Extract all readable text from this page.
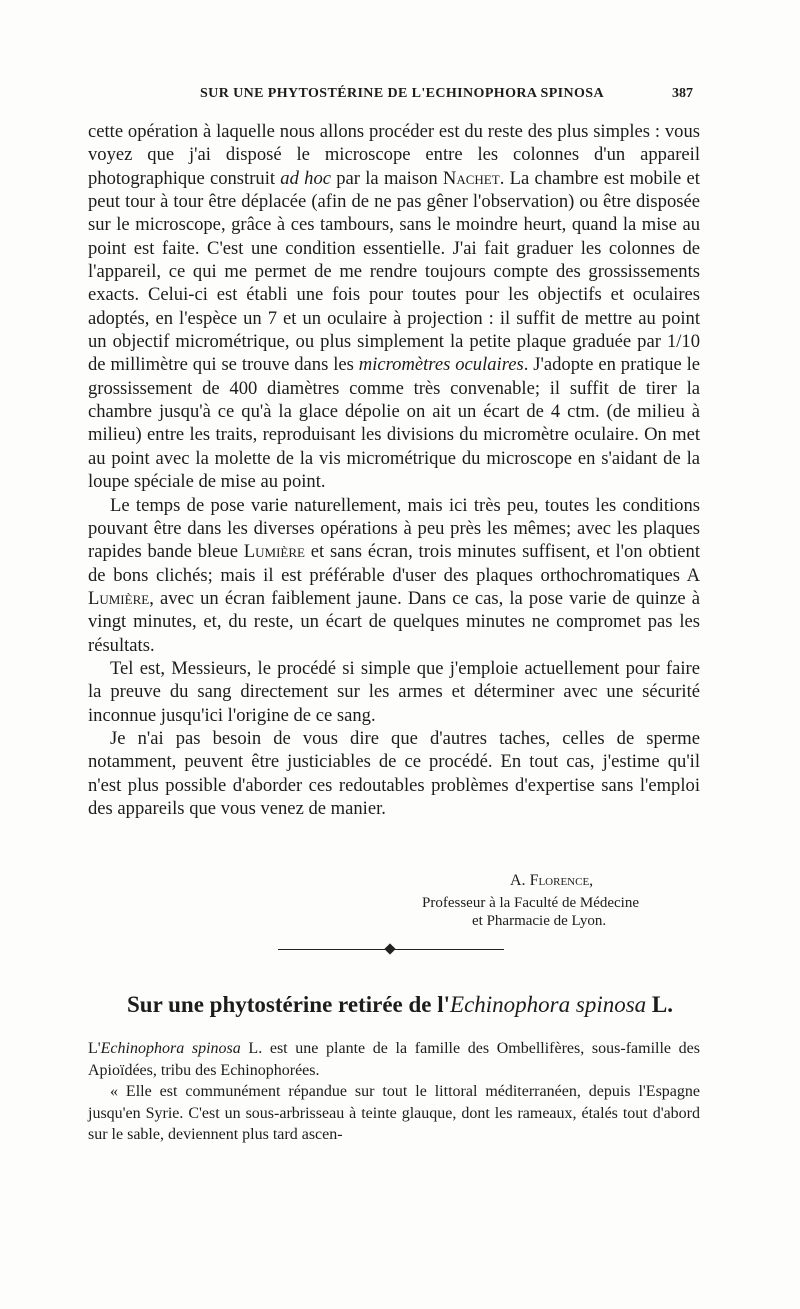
SUR UNE PHYTOSTÉRINE DE L'ECHINOPHORA SPINOSA	387

cette opération à laquelle nous allons procéder est du reste des plus simples : vous voyez que j'ai disposé le microscope entre les colonnes d'un appareil photographique construit ad hoc par la maison Nachet. La chambre est mobile et peut tour à tour être déplacée (afin de ne pas gêner l'observation) ou être disposée sur le microscope, grâce à ces tambours, sans le moindre heurt, quand la mise au point est faite. C'est une condition essentielle. J'ai fait graduer les colonnes de l'appareil, ce qui me permet de me rendre toujours compte des grossissements exacts. Celui-ci est établi une fois pour toutes pour les objectifs et oculaires adoptés, en l'espèce un 7 et un oculaire à projection : il suffit de mettre au point un objectif micrométrique, ou plus simplement la petite plaque graduée par 1/10 de millimètre qui se trouve dans les micromètres oculaires. J'adopte en pratique le grossissement de 400 diamètres comme très convenable; il suffit de tirer la chambre jusqu'à ce qu'à la glace dépolie on ait un écart de 4 ctm. (de milieu à milieu) entre les traits, reproduisant les divisions du micromètre oculaire. On met au point avec la molette de la vis micrométrique du microscope en s'aidant de la loupe spéciale de mise au point.

Le temps de pose varie naturellement, mais ici très peu, toutes les conditions pouvant être dans les diverses opérations à peu près les mêmes; avec les plaques rapides bande bleue Lumière et sans écran, trois minutes suffisent, et l'on obtient de bons clichés; mais il est préférable d'user des plaques orthochromatiques A Lumière, avec un écran faiblement jaune. Dans ce cas, la pose varie de quinze à vingt minutes, et, du reste, un écart de quelques minutes ne compromet pas les résultats.

Tel est, Messieurs, le procédé si simple que j'emploie actuellement pour faire la preuve du sang directement sur les armes et déterminer avec une sécurité inconnue jusqu'ici l'origine de ce sang.

Je n'ai pas besoin de vous dire que d'autres taches, celles de sperme notamment, peuvent être justiciables de ce procédé. En tout cas, j'estime qu'il n'est plus possible d'aborder ces redoutables problèmes d'expertise sans l'emploi des appareils que vous venez de manier.

A. Florence,
Professeur à la Faculté de Médecine
et Pharmacie de Lyon.
Sur une phytostérine retirée de l'Echinophora spinosa L.

L'Echinophora spinosa L. est une plante de la famille des Ombellifères, sous-famille des Apioïdées, tribu des Echinophorées.

« Elle est communément répandue sur tout le littoral méditerranéen, depuis l'Espagne jusqu'en Syrie. C'est un sous-arbrisseau à teinte glauque, dont les rameaux, étalés tout d'abord sur le sable, deviennent plus tard ascen-
